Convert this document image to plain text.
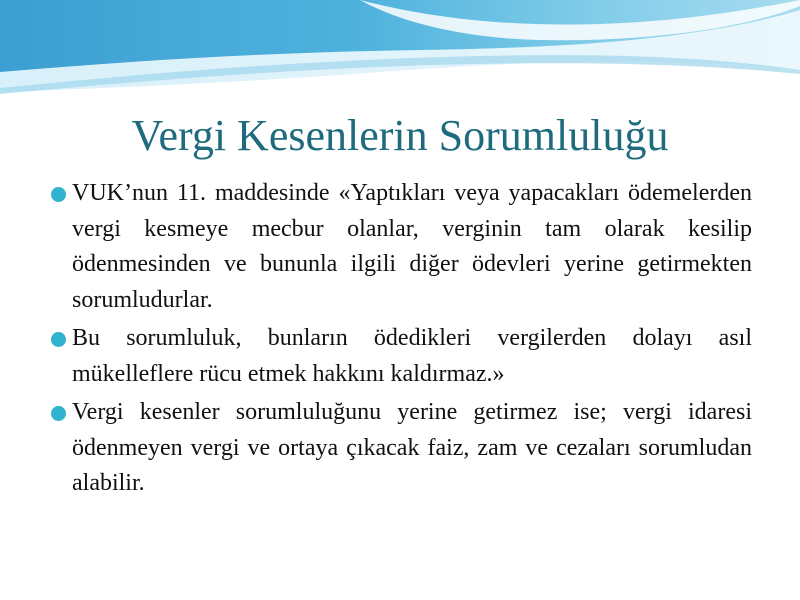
Vergi Kesenlerin Sorumluluğu
VUK’nun 11. maddesinde «Yaptıkları veya yapacakları ödemelerden vergi kesmeye mecbur olanlar, verginin tam olarak kesilip ödenmesinden ve bununla ilgili diğer ödevleri yerine getirmekten sorumludurlar.
Bu sorumluluk, bunların ödedikleri vergilerden dolayı asıl mükelleflere rücu etmek hakkını kaldırmaz.»
Vergi kesenler sorumluluğunu yerine getirmez ise; vergi idaresi ödenmeyen vergi ve ortaya çıkacak faiz, zam ve cezaları sorumludan alabilir.
